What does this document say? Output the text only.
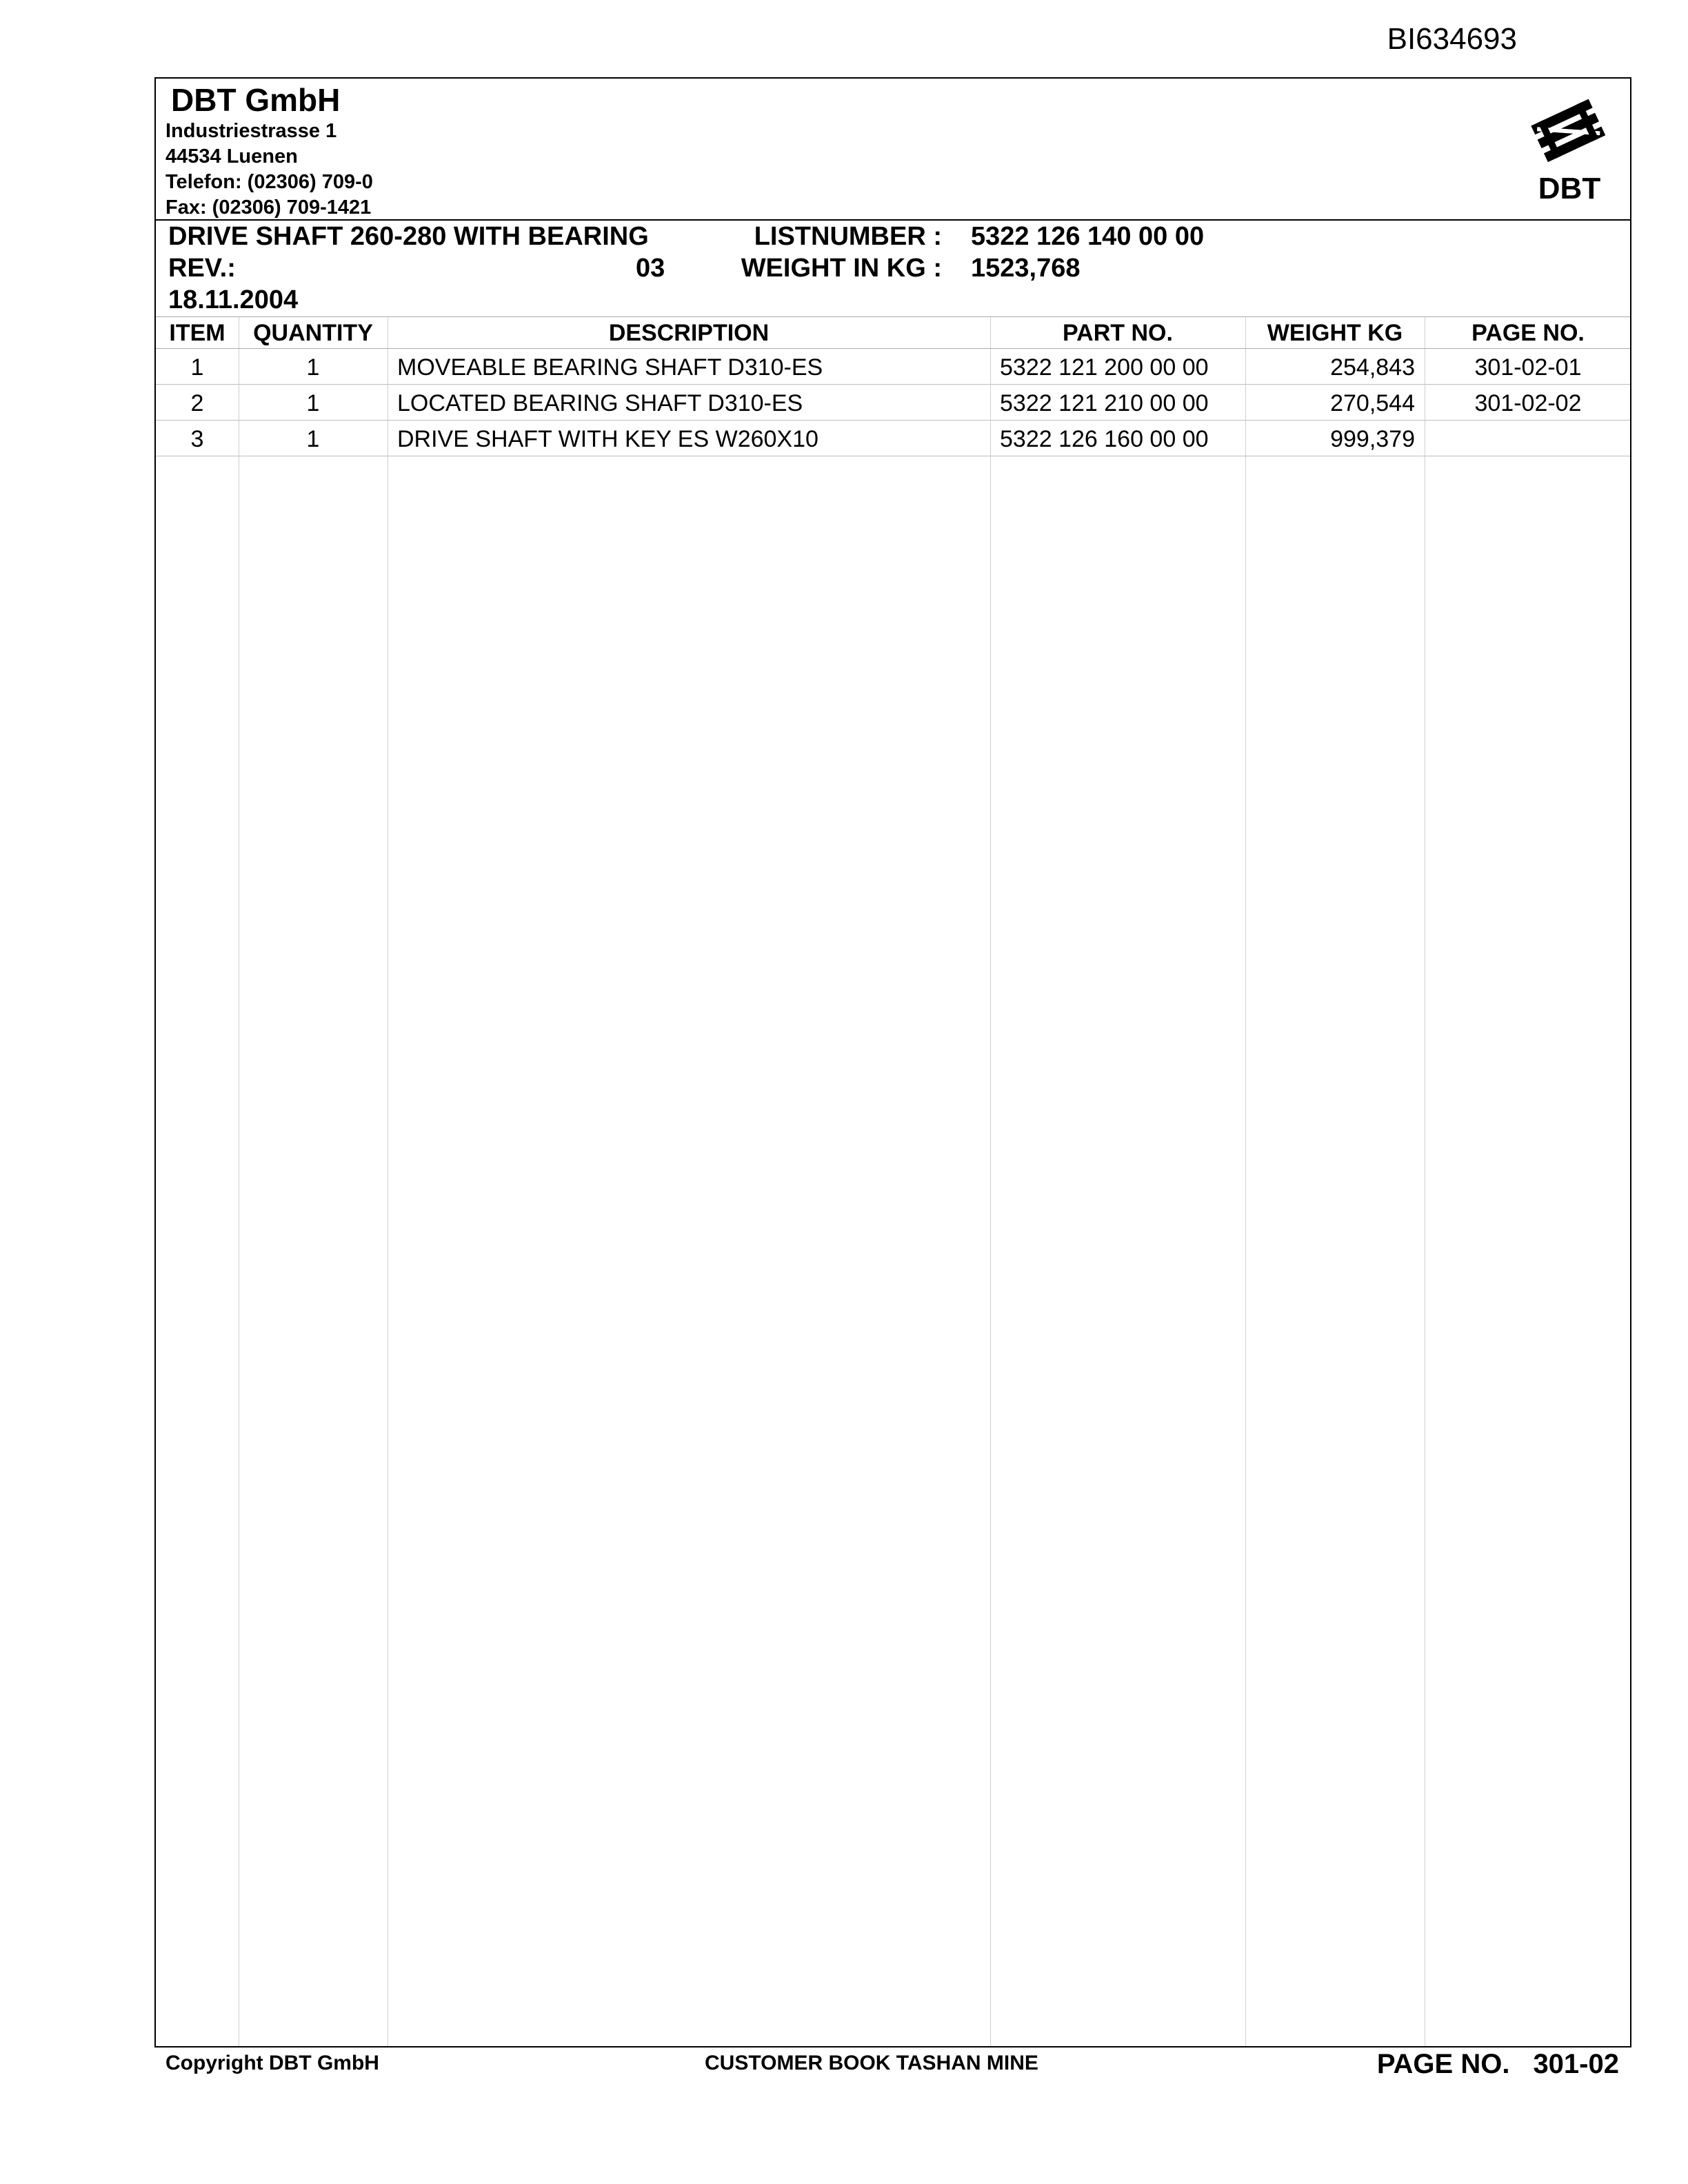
BI634693
DBT GmbH
Industriestrasse 1
44534 Luenen
Telefon: (02306) 709-0
Fax: (02306) 709-1421
DBT
DRIVE SHAFT 260-280 WITH BEARING
REV.:	03
18.11.2004
LISTNUMBER : 5322 126 140 00 00
WEIGHT IN KG : 1523,768
ITEM	QUANTITY	DESCRIPTION	PART NO.	WEIGHT KG	PAGE NO.
1	1	MOVEABLE BEARING SHAFT D310-ES	5322 121 200 00 00	254,843	301-02-01
2	1	LOCATED BEARING SHAFT D310-ES	5322 121 210 00 00	270,544	301-02-02
3	1	DRIVE SHAFT WITH KEY ES W260X10	5322 126 160 00 00	999,379
Copyright DBT GmbH	CUSTOMER BOOK TASHAN MINE	PAGE NO. 301-02
